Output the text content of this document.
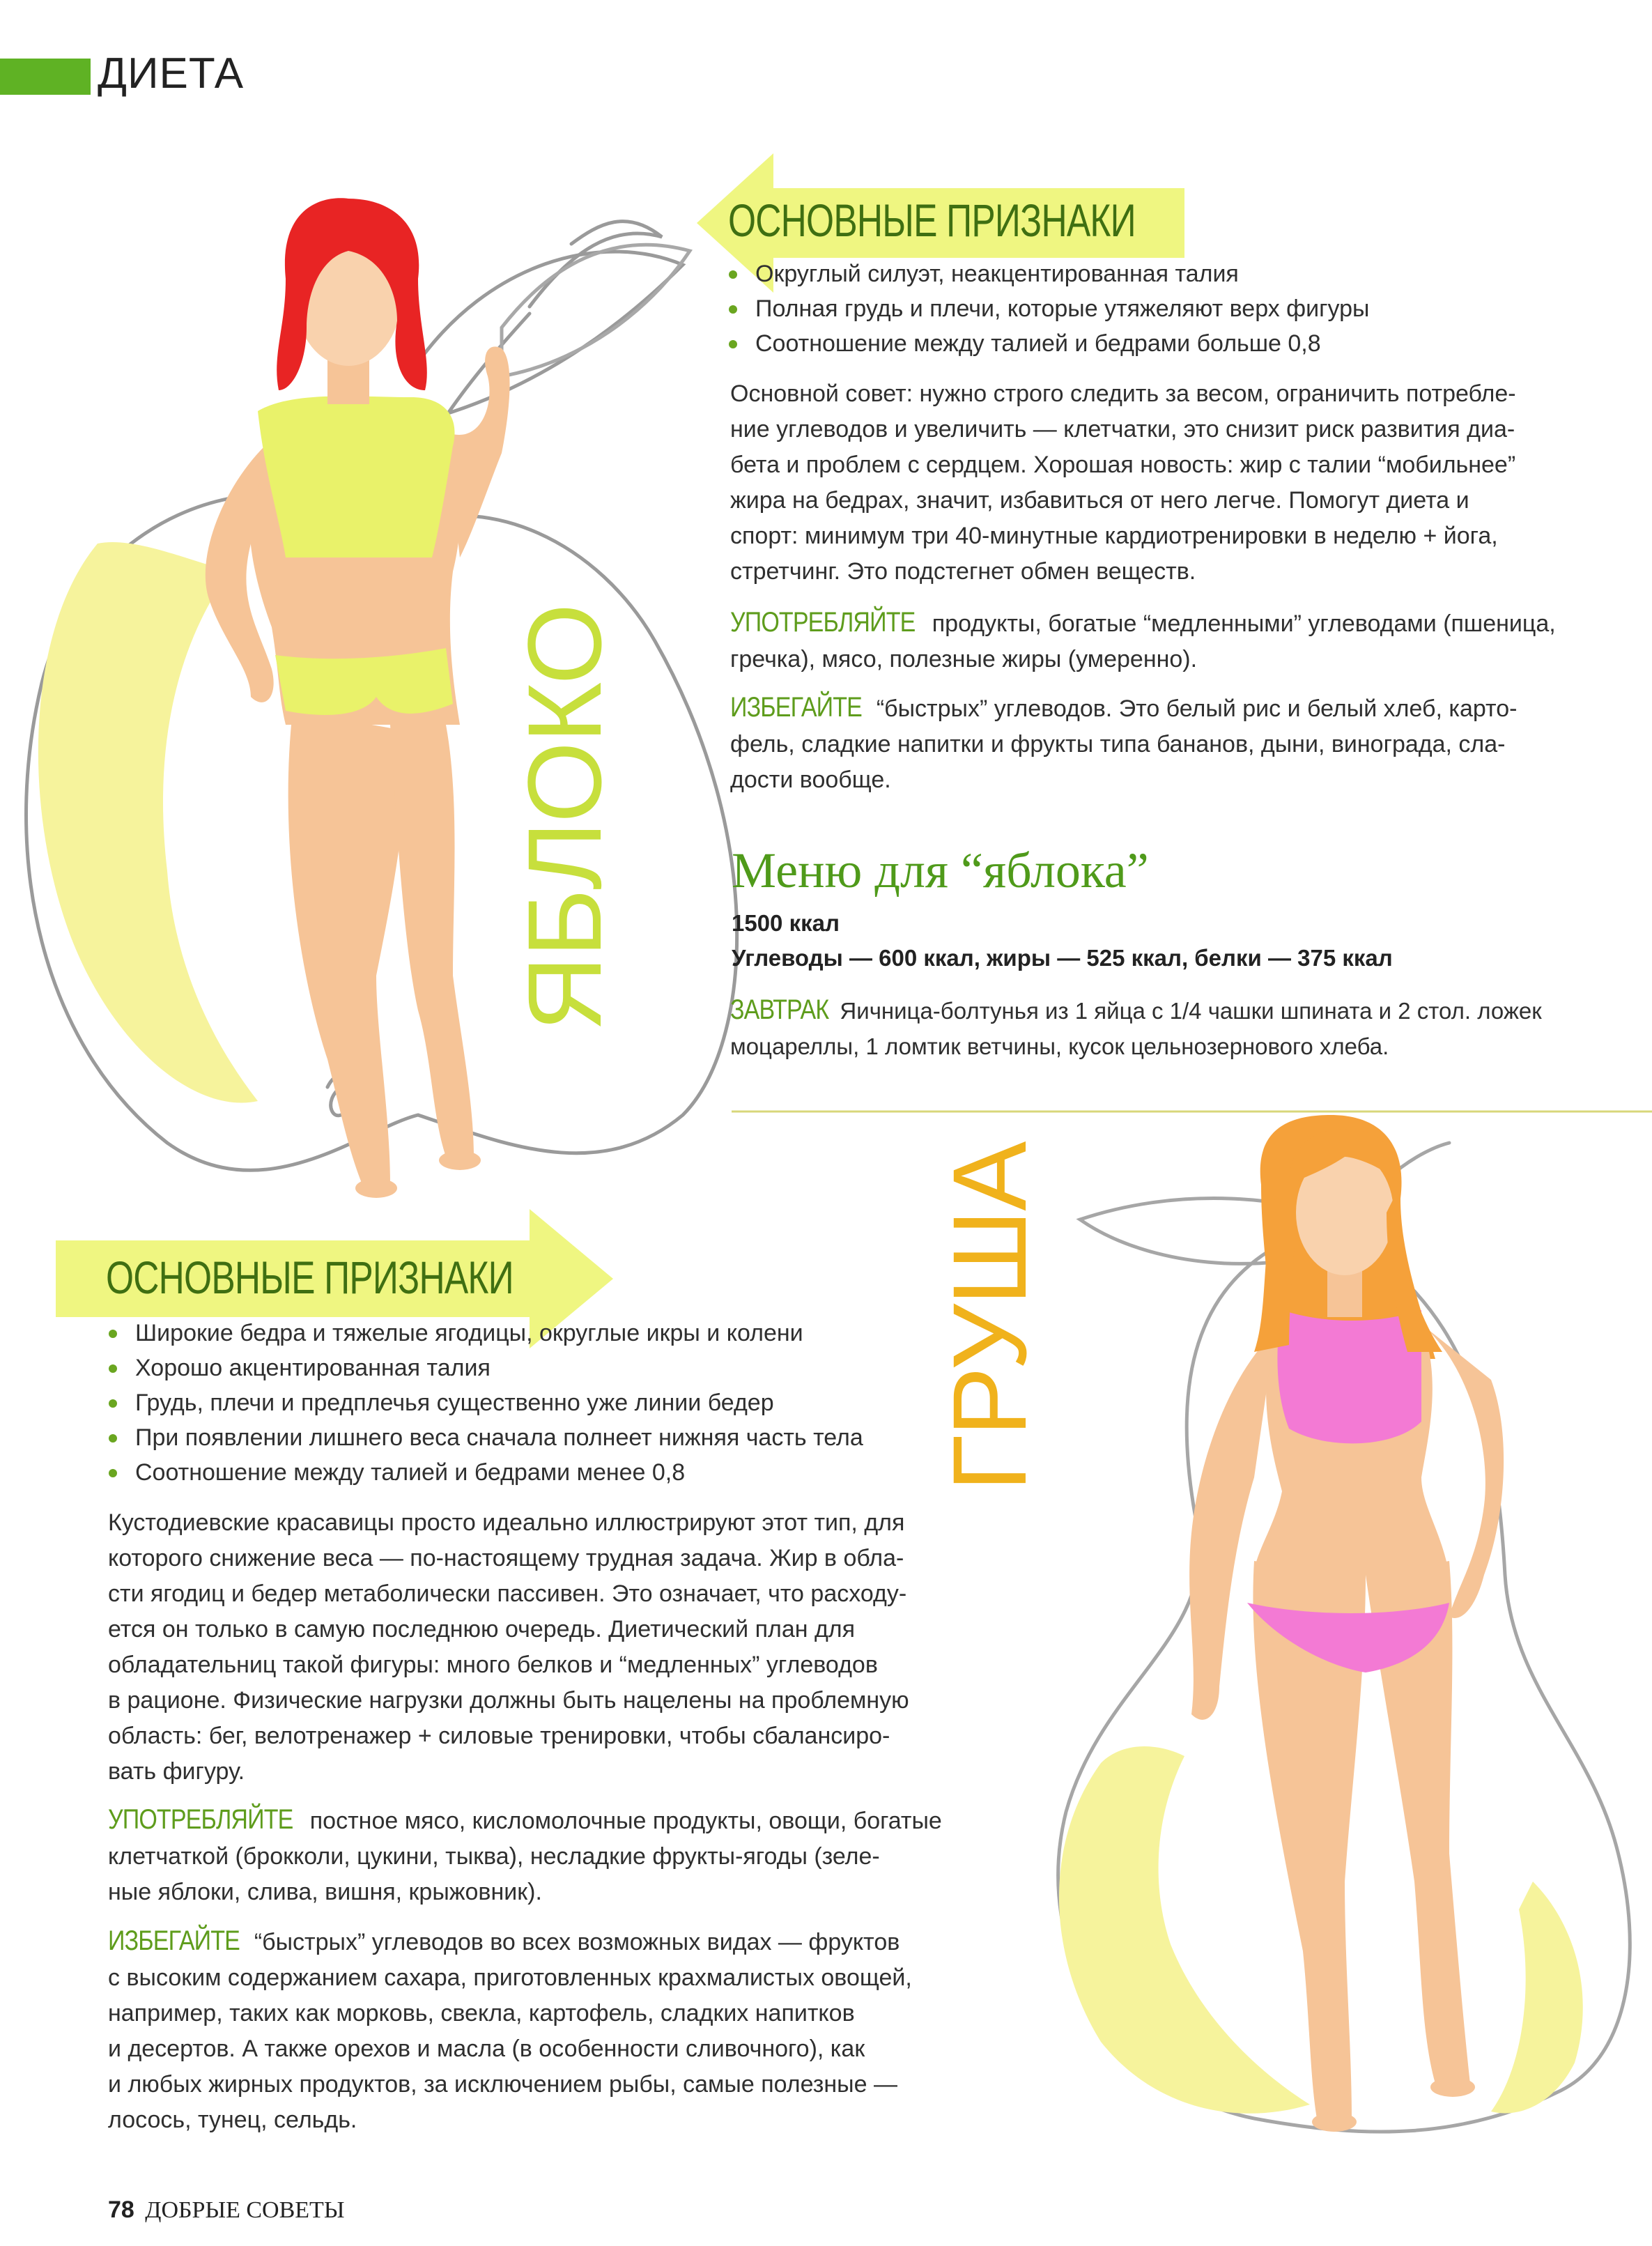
ДИЕТА
ЯБЛОКО
ОСНОВНЫЕ ПРИЗНАКИ
Округлый силуэт, неакцентированная талия
Полная грудь и плечи, которые утяжеляют верх фигуры
Соотношение между талией и бедрами больше 0,8

Основной совет: нужно строго следить за весом, ограничить потребле-

ние углеводов и увеличить — клетчатки, это снизит риск развития диа-

бета и проблем с сердцем. Хорошая новость: жир с талии “мобильнее”

жира на бедрах, значит, избавиться от него легче. Помогут диета и

спорт: минимум три 40-минутные кардиотренировки в неделю + йога,

стретчинг. Это подстегнет обмен веществ.

УПОТРЕБЛЯЙТЕ продукты, богатые “медленными” углеводами (пшеница,

гречка), мясо, полезные жиры (умеренно).

ИЗБЕГАЙТЕ “быстрых” углеводов. Это белый рис и белый хлеб, карто-

фель, сладкие напитки и фрукты типа бананов, дыни, винограда, сла-

дости вообще.

Меню для “яблока”
1500 ккал
Углеводы — 600 ккал, жиры — 525 ккал, белки — 375 ккал

ЗАВТРАК Яичница-болтунья из 1 яйца с 1/4 чашки шпината и 2 стол. ложек

моцареллы, 1 ломтик ветчины, кусок цельнозернового хлеба.

ГРУША
ОСНОВНЫЕ ПРИЗНАКИ
Широкие бедра и тяжелые ягодицы, округлые икры и колени
Хорошо акцентированная талия
Грудь, плечи и предплечья существенно уже линии бедер
При появлении лишнего веса сначала полнеет нижняя часть тела
Соотношение между талией и бедрами менее 0,8

Кустодиевские красавицы просто идеально иллюстрируют этот тип, для

которого снижение веса — по-настоящему трудная задача. Жир в обла-

сти ягодиц и бедер метаболически пассивен. Это означает, что расходу-

ется он только в самую последнюю очередь. Диетический план для

обладательниц такой фигуры: много белков и “медленных” углеводов

в рационе. Физические нагрузки должны быть нацелены на проблемную

область: бег, велотренажер + силовые тренировки, чтобы сбалансиро-

вать фигуру.

УПОТРЕБЛЯЙТЕ постное мясо, кисломолочные продукты, овощи, богатые

клетчаткой (брокколи, цукини, тыква), несладкие фрукты-ягоды (зеле-

ные яблоки, слива, вишня, крыжовник).

ИЗБЕГАЙТЕ “быстрых” углеводов во всех возможных видах — фруктов

с высоким содержанием сахара, приготовленных крахмалистых овощей,

например, таких как морковь, свекла, картофель, сладких напитков

и десертов. А также орехов и масла (в особенности сливочного), как

и любых жирных продуктов, за исключением рыбы, самые полезные —

лосось, тунец, сельдь.

78 ДОБРЫЕ СОВЕТЫ
